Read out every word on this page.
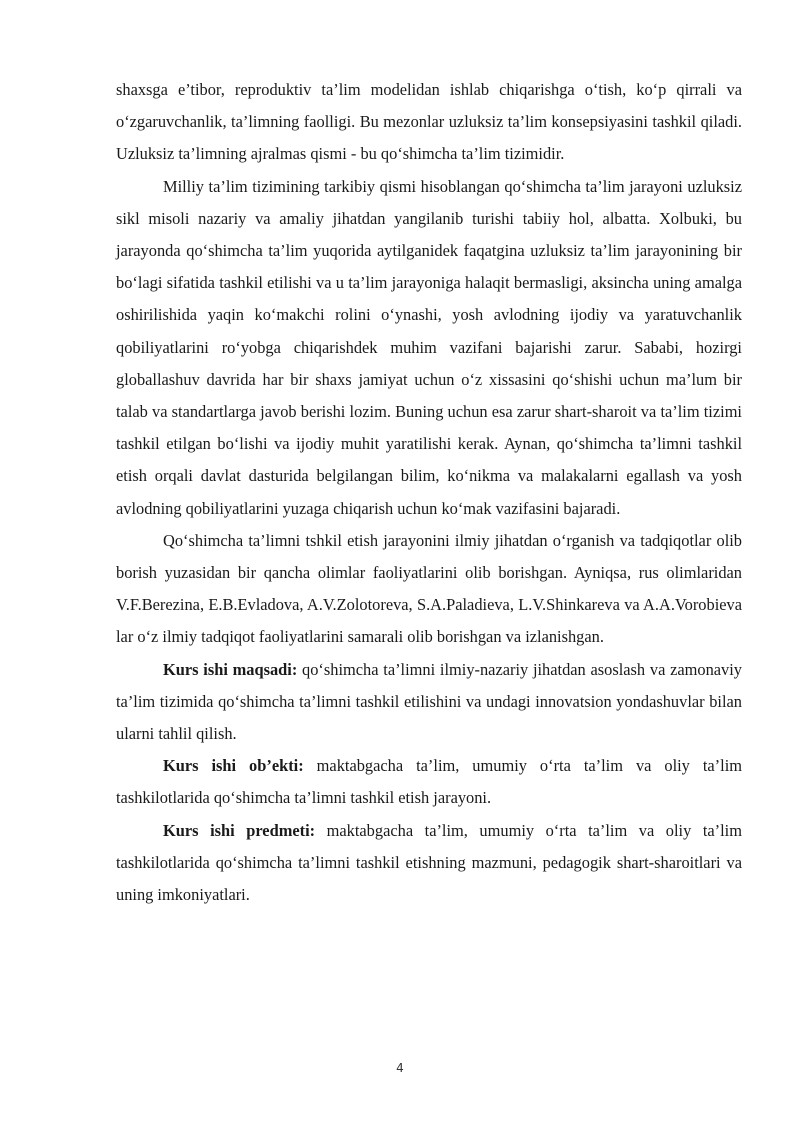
shaxsga e’tibor, reproduktiv ta’lim modelidan ishlab chiqarishga o‘tish, ko‘p qirrali va o‘zgaruvchanlik, ta’limning faolligi. Bu mezonlar uzluksiz ta’lim konsepsiyasini tashkil qiladi. Uzluksiz ta’limning ajralmas qismi - bu qo‘shimcha ta’lim tizimidir.

Milliy ta’lim tizimining tarkibiy qismi hisoblangan qo‘shimcha ta’lim jarayoni uzluksiz sikl misoli nazariy va amaliy jihatdan yangilanib turishi tabiiy hol, albatta. Xolbuki, bu jarayonda qo‘shimcha ta’lim yuqorida aytilganidek faqatgina uzluksiz ta’lim jarayonining bir bo‘lagi sifatida tashkil etilishi va u ta’lim jarayoniga halaqit bermasligi, aksincha uning amalga oshirilishida yaqin ko‘makchi rolini o‘ynashi, yosh avlodning ijodiy va yaratuvchanlik qobiliyatlarini ro‘yobga chiqarishdek muhim vazifani bajarishi zarur. Sababi, hozirgi globallashuv davrida har bir shaxs jamiyat uchun o‘z xissasini qo‘shishi uchun ma’lum bir talab va standartlarga javob berishi lozim. Buning uchun esa zarur shart-sharoit va ta’lim tizimi tashkil etilgan bo‘lishi va ijodiy muhit yaratilishi kerak. Aynan, qo‘shimcha ta’limni tashkil etish orqali davlat dasturida belgilangan bilim, ko‘nikma va malakalarni egallash va yosh avlodning qobiliyatlarini yuzaga chiqarish uchun ko‘mak vazifasini bajaradi.

Qo‘shimcha ta’limni tshkil etish jarayonini ilmiy jihatdan o‘rganish va tadqiqotlar olib borish yuzasidan bir qancha olimlar faoliyatlarini olib borishgan. Ayniqsa, rus olimlaridan V.F.Berezina, E.B.Evladova, A.V.Zolotoreva, S.A.Paladieva, L.V.Shinkareva va A.A.Vorobieva lar o‘z ilmiy tadqiqot faoliyatlarini samarali olib borishgan va izlanishgan.

Kurs ishi maqsadi: qo‘shimcha ta’limni ilmiy-nazariy jihatdan asoslash va zamonaviy ta’lim tizimida qo‘shimcha ta’limni tashkil etilishini va undagi innovatsion yondashuvlar bilan ularni tahlil qilish.

Kurs ishi ob’ekti: maktabgacha ta’lim, umumiy o‘rta ta’lim va oliy ta’lim tashkilotlarida qo‘shimcha ta’limni tashkil etish jarayoni.

Kurs ishi predmeti: maktabgacha ta’lim, umumiy o‘rta ta’lim va oliy ta’lim tashkilotlarida qo‘shimcha ta’limni tashkil etishning mazmuni, pedagogik shart-sharoitlari va uning imkoniyatlari.

4
